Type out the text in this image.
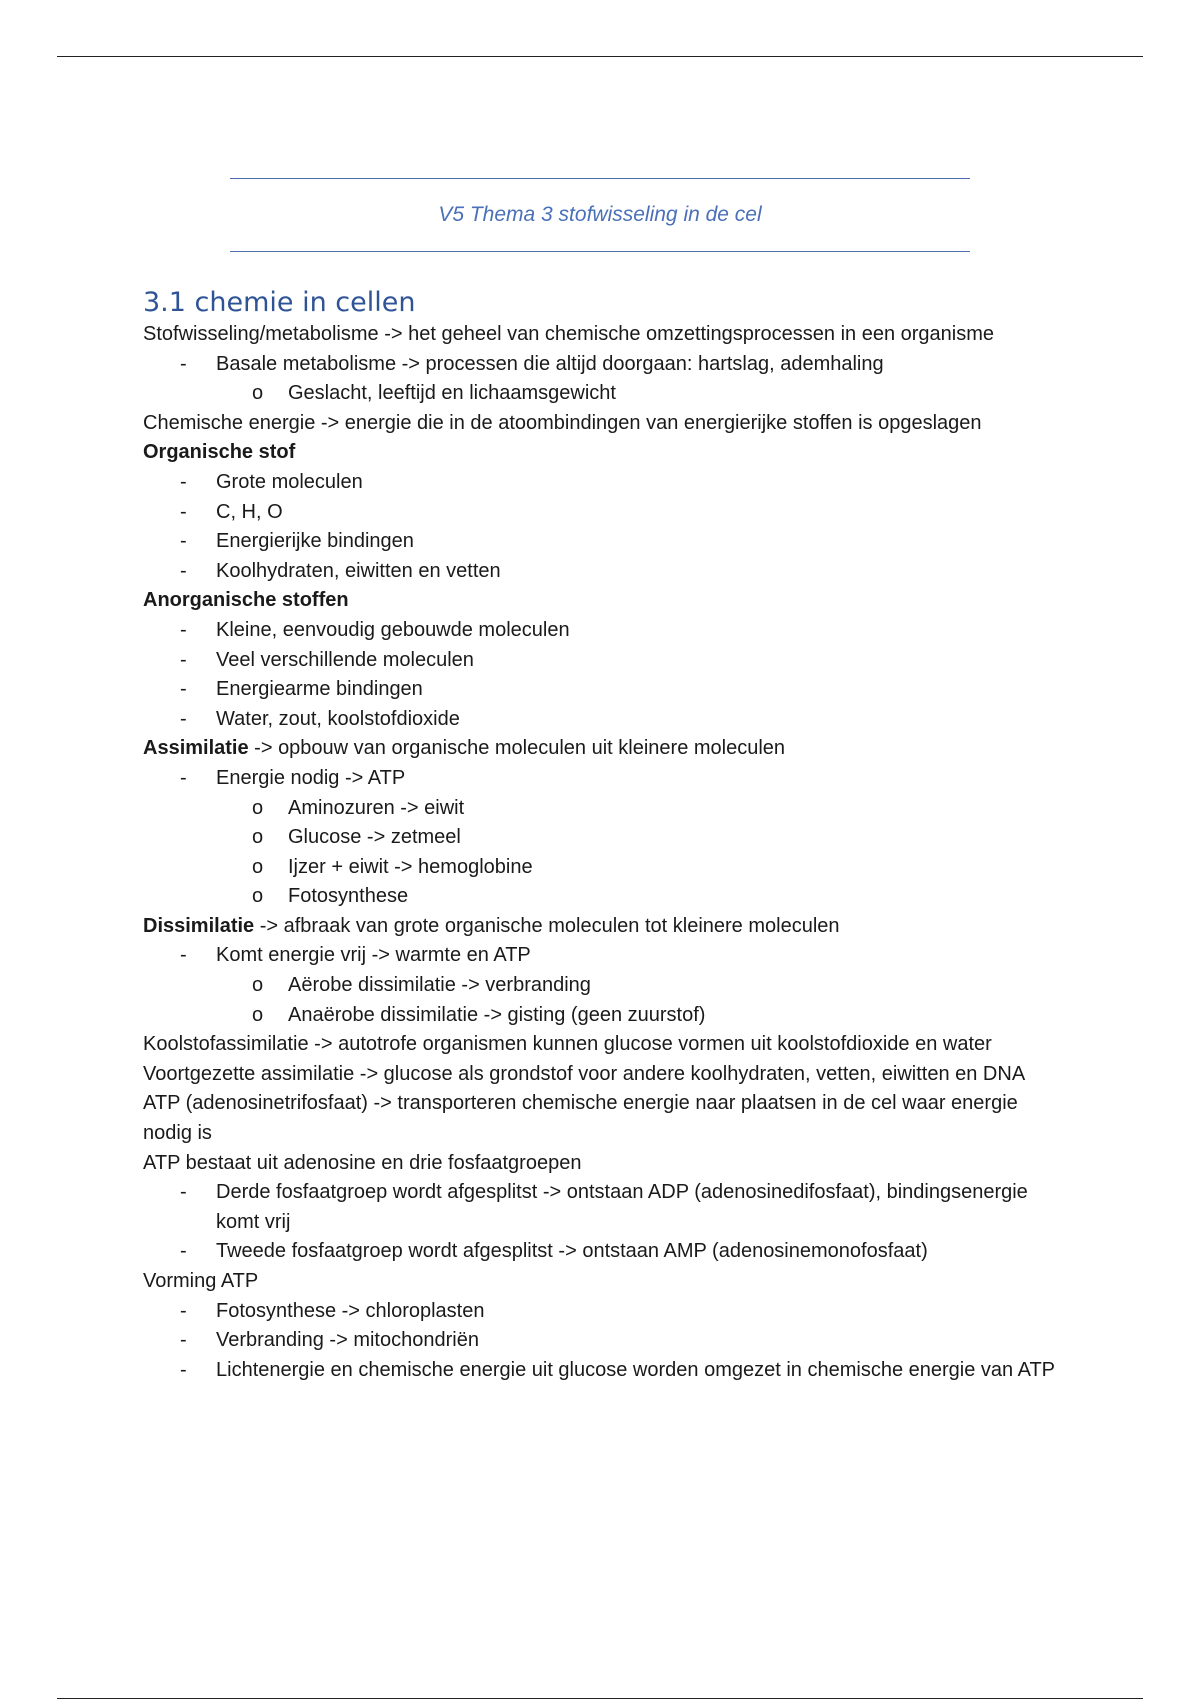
V5 Thema 3 stofwisseling in de cel
3.1 chemie in cellen
Stofwisseling/metabolisme -> het geheel van chemische omzettingsprocessen in een organisme
- Basale metabolisme -> processen die altijd doorgaan: hartslag, ademhaling
o Geslacht, leeftijd en lichaamsgewicht
Chemische energie -> energie die in de atoombindingen van energierijke stoffen is opgeslagen
Organische stof
- Grote moleculen
- C, H, O
- Energierijke bindingen
- Koolhydraten, eiwitten en vetten
Anorganische stoffen
- Kleine, eenvoudig gebouwde moleculen
- Veel verschillende moleculen
- Energiearme bindingen
- Water, zout, koolstofdioxide
Assimilatie -> opbouw van organische moleculen uit kleinere moleculen
- Energie nodig -> ATP
o Aminozuren -> eiwit
o Glucose -> zetmeel
o Ijzer + eiwit -> hemoglobine
o Fotosynthese
Dissimilatie -> afbraak van grote organische moleculen tot kleinere moleculen
- Komt energie vrij -> warmte en ATP
o Aërobe dissimilatie -> verbranding
o Anaërobe dissimilatie -> gisting (geen zuurstof)
Koolstofassimilatie -> autotrofe organismen kunnen glucose vormen uit koolstofdioxide en water
Voortgezette assimilatie -> glucose als grondstof voor andere koolhydraten, vetten, eiwitten en DNA
ATP (adenosinetrifosfaat) -> transporteren chemische energie naar plaatsen in de cel waar energie nodig is
ATP bestaat uit adenosine en drie fosfaatgroepen
- Derde fosfaatgroep wordt afgesplitst -> ontstaan ADP (adenosinedifosfaat), bindingsenergie komt vrij
- Tweede fosfaatgroep wordt afgesplitst -> ontstaan AMP (adenosinemonofosfaat)
Vorming ATP
- Fotosynthese -> chloroplasten
- Verbranding -> mitochondriën
- Lichtenergie en chemische energie uit glucose worden omgezet in chemische energie van ATP
